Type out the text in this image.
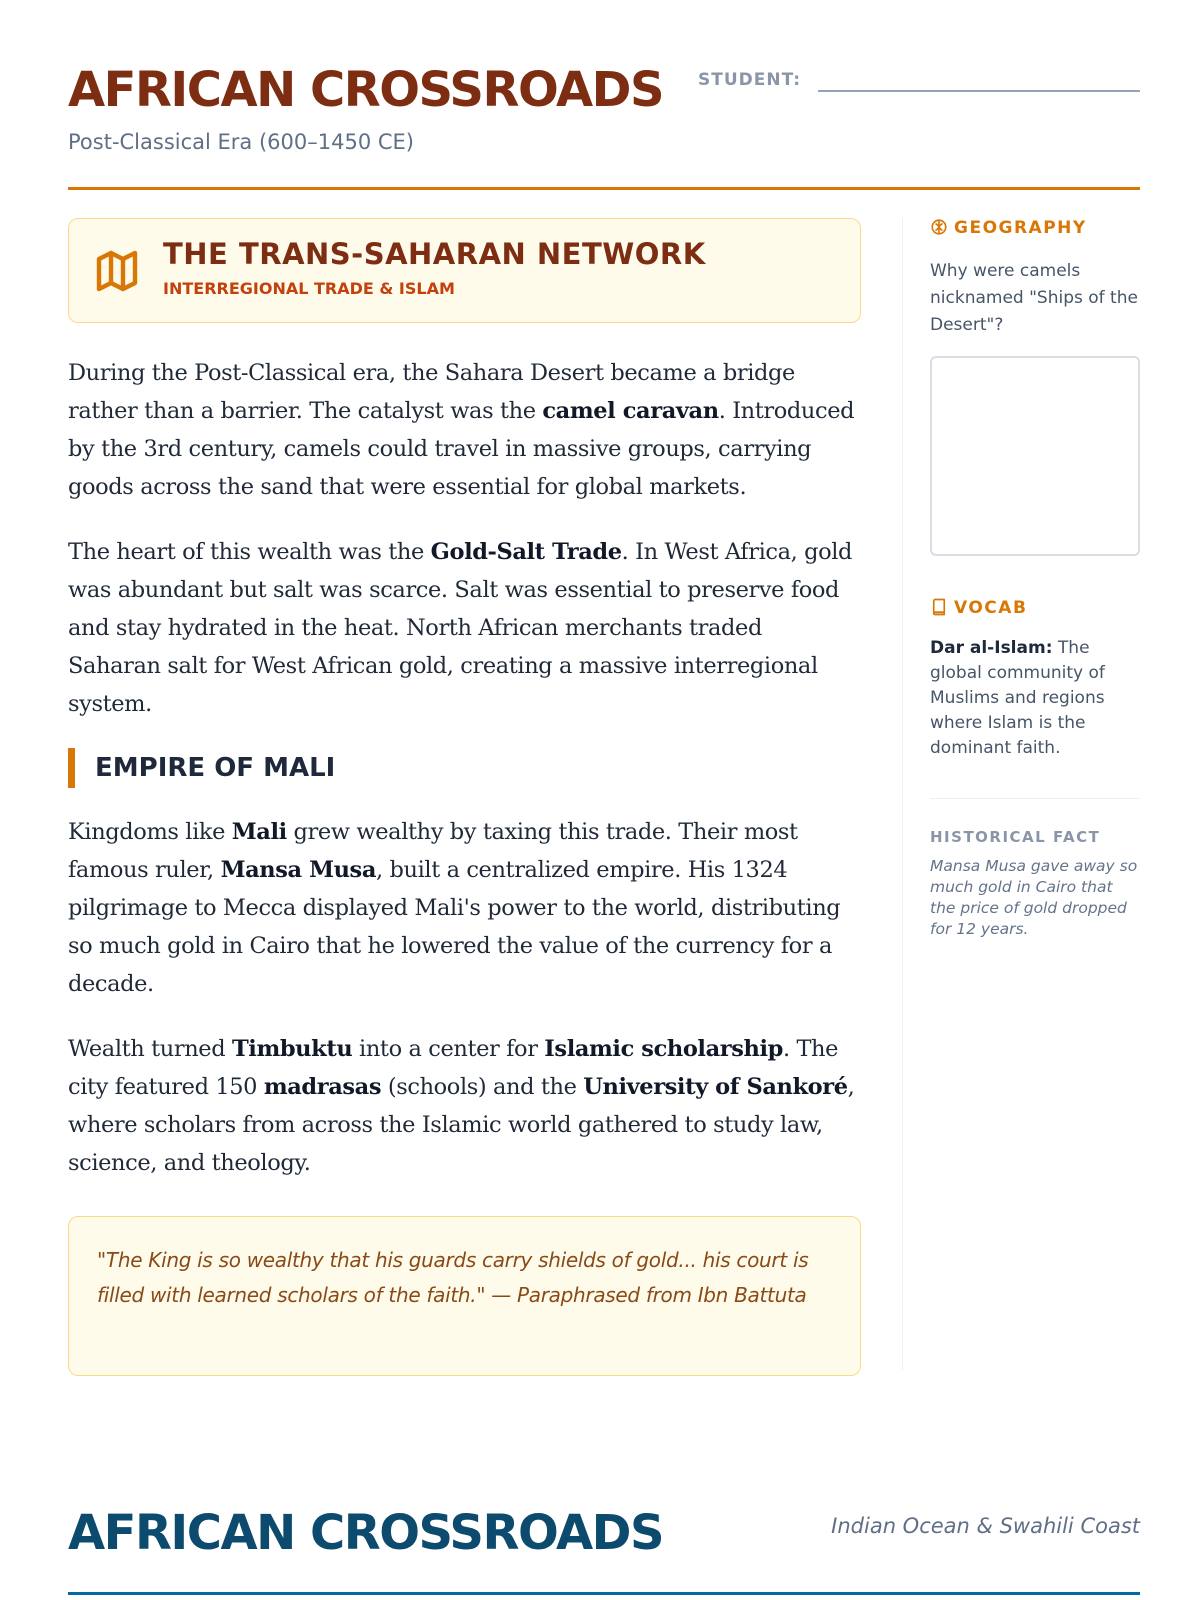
AFRICAN CROSSROADS
Post-Classical Era (600–1450 CE)
STUDENT:
THE TRANS-SAHARAN NETWORK
INTERREGIONAL TRADE & ISLAM

During the Post-Classical era, the Sahara Desert became a bridge rather than a barrier. The catalyst was the camel caravan. Introduced by the 3rd century, camels could travel in massive groups, carrying goods across the sand that were essential for global markets.

The heart of this wealth was the Gold-Salt Trade. In West Africa, gold was abundant but salt was scarce. Salt was essential to preserve food and stay hydrated in the heat. North African merchants traded Saharan salt for West African gold, creating a massive interregional system.

EMPIRE OF MALI

Kingdoms like Mali grew wealthy by taxing this trade. Their most famous ruler, Mansa Musa, built a centralized empire. His 1324 pilgrimage to Mecca displayed Mali's power to the world, distributing so much gold in Cairo that he lowered the value of the currency for a decade.

Wealth turned Timbuktu into a center for Islamic scholarship. The city featured 150 madrasas (schools) and the University of Sankoré, where scholars from across the Islamic world gathered to study law, science, and theology.

"The King is so wealthy that his guards carry shields of gold... his court is filled with learned scholars of the faith." — Paraphrased from Ibn Battuta

GEOGRAPHY

Why were camels nicknamed "Ships of the Desert"?

VOCAB

Dar al-Islam: The global community of Muslims and regions where Islam is the dominant faith.

HISTORICAL FACT

Mansa Musa gave away so much gold in Cairo that the price of gold dropped for 12 years.

AFRICAN CROSSROADS	Indian Ocean & Swahili Coast
